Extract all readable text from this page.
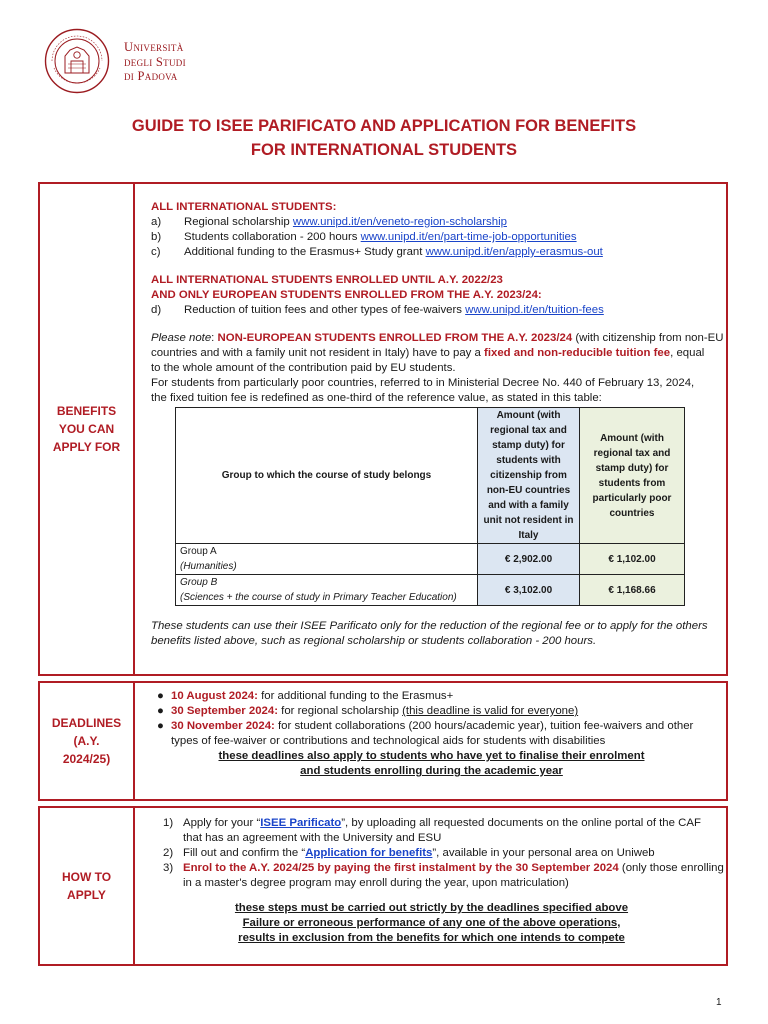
Università
degli Studi
di Padova
GUIDE TO ISEE PARIFICATO AND APPLICATION FOR BENEFITS
FOR INTERNATIONAL STUDENTS
BENEFITS
YOU CAN
APPLY FOR
ALL INTERNATIONAL STUDENTS:
a)	Regional scholarship www.unipd.it/en/veneto-region-scholarship
b)	Students collaboration - 200 hours www.unipd.it/en/part-time-job-opportunities
c)	Additional funding to the Erasmus+ Study grant www.unipd.it/en/apply-erasmus-out
ALL INTERNATIONAL STUDENTS ENROLLED UNTIL A.Y. 2022/23
AND ONLY EUROPEAN STUDENTS ENROLLED FROM THE A.Y. 2023/24:
d)	Reduction of tuition fees and other types of fee-waivers www.unipd.it/en/tuition-fees
Please note: NON-EUROPEAN STUDENTS ENROLLED FROM THE A.Y. 2023/24 (with citizenship from non-EU
countries and with a family unit not resident in Italy) have to pay a fixed and non-reducible tuition fee, equal
to the whole amount of the contribution paid by EU students.
For students from particularly poor countries, referred to in Ministerial Decree No. 440 of February 13, 2024,
the fixed tuition fee is redefined as one-third of the reference value, as stated in this table:
Group to which the course of study belongs	Amount (with regional tax and stamp duty) for students with citizenship from non-EU countries and with a family unit not resident in Italy	Amount (with regional tax and stamp duty) for students from particularly poor countries

Group A
(Humanities)	€ 2,902.00	€ 1,102.00

Group B
(Sciences + the course of study in Primary Teacher Education)	€ 3,102.00	€ 1,168.66
These students can use their ISEE Parificato only for the reduction of the regional fee or to apply for the others
benefits listed above, such as regional scholarship or students collaboration - 200 hours.
DEADLINES
(A.Y.
2024/25)
● 10 August 2024: for additional funding to the Erasmus+
● 30 September 2024: for regional scholarship (this deadline is valid for everyone)
● 30 November 2024: for student collaborations (200 hours/academic year), tuition fee-waivers and other
types of fee-waiver or contributions and technological aids for students with disabilities
these deadlines also apply to students who have yet to finalise their enrolment
and students enrolling during the academic year
HOW TO
APPLY
1) Apply for your “ISEE Parificato”, by uploading all requested documents on the online portal of the CAF
that has an agreement with the University and ESU
2) Fill out and confirm the “Application for benefits”, available in your personal area on Uniweb
3) Enrol to the A.Y. 2024/25 by paying the first instalment by the 30 September 2024 (only those enrolling
in a master's degree program may enroll during the year, upon matriculation)
these steps must be carried out strictly by the deadlines specified above
Failure or erroneous performance of any one of the above operations,
results in exclusion from the benefits for which one intends to compete
1
